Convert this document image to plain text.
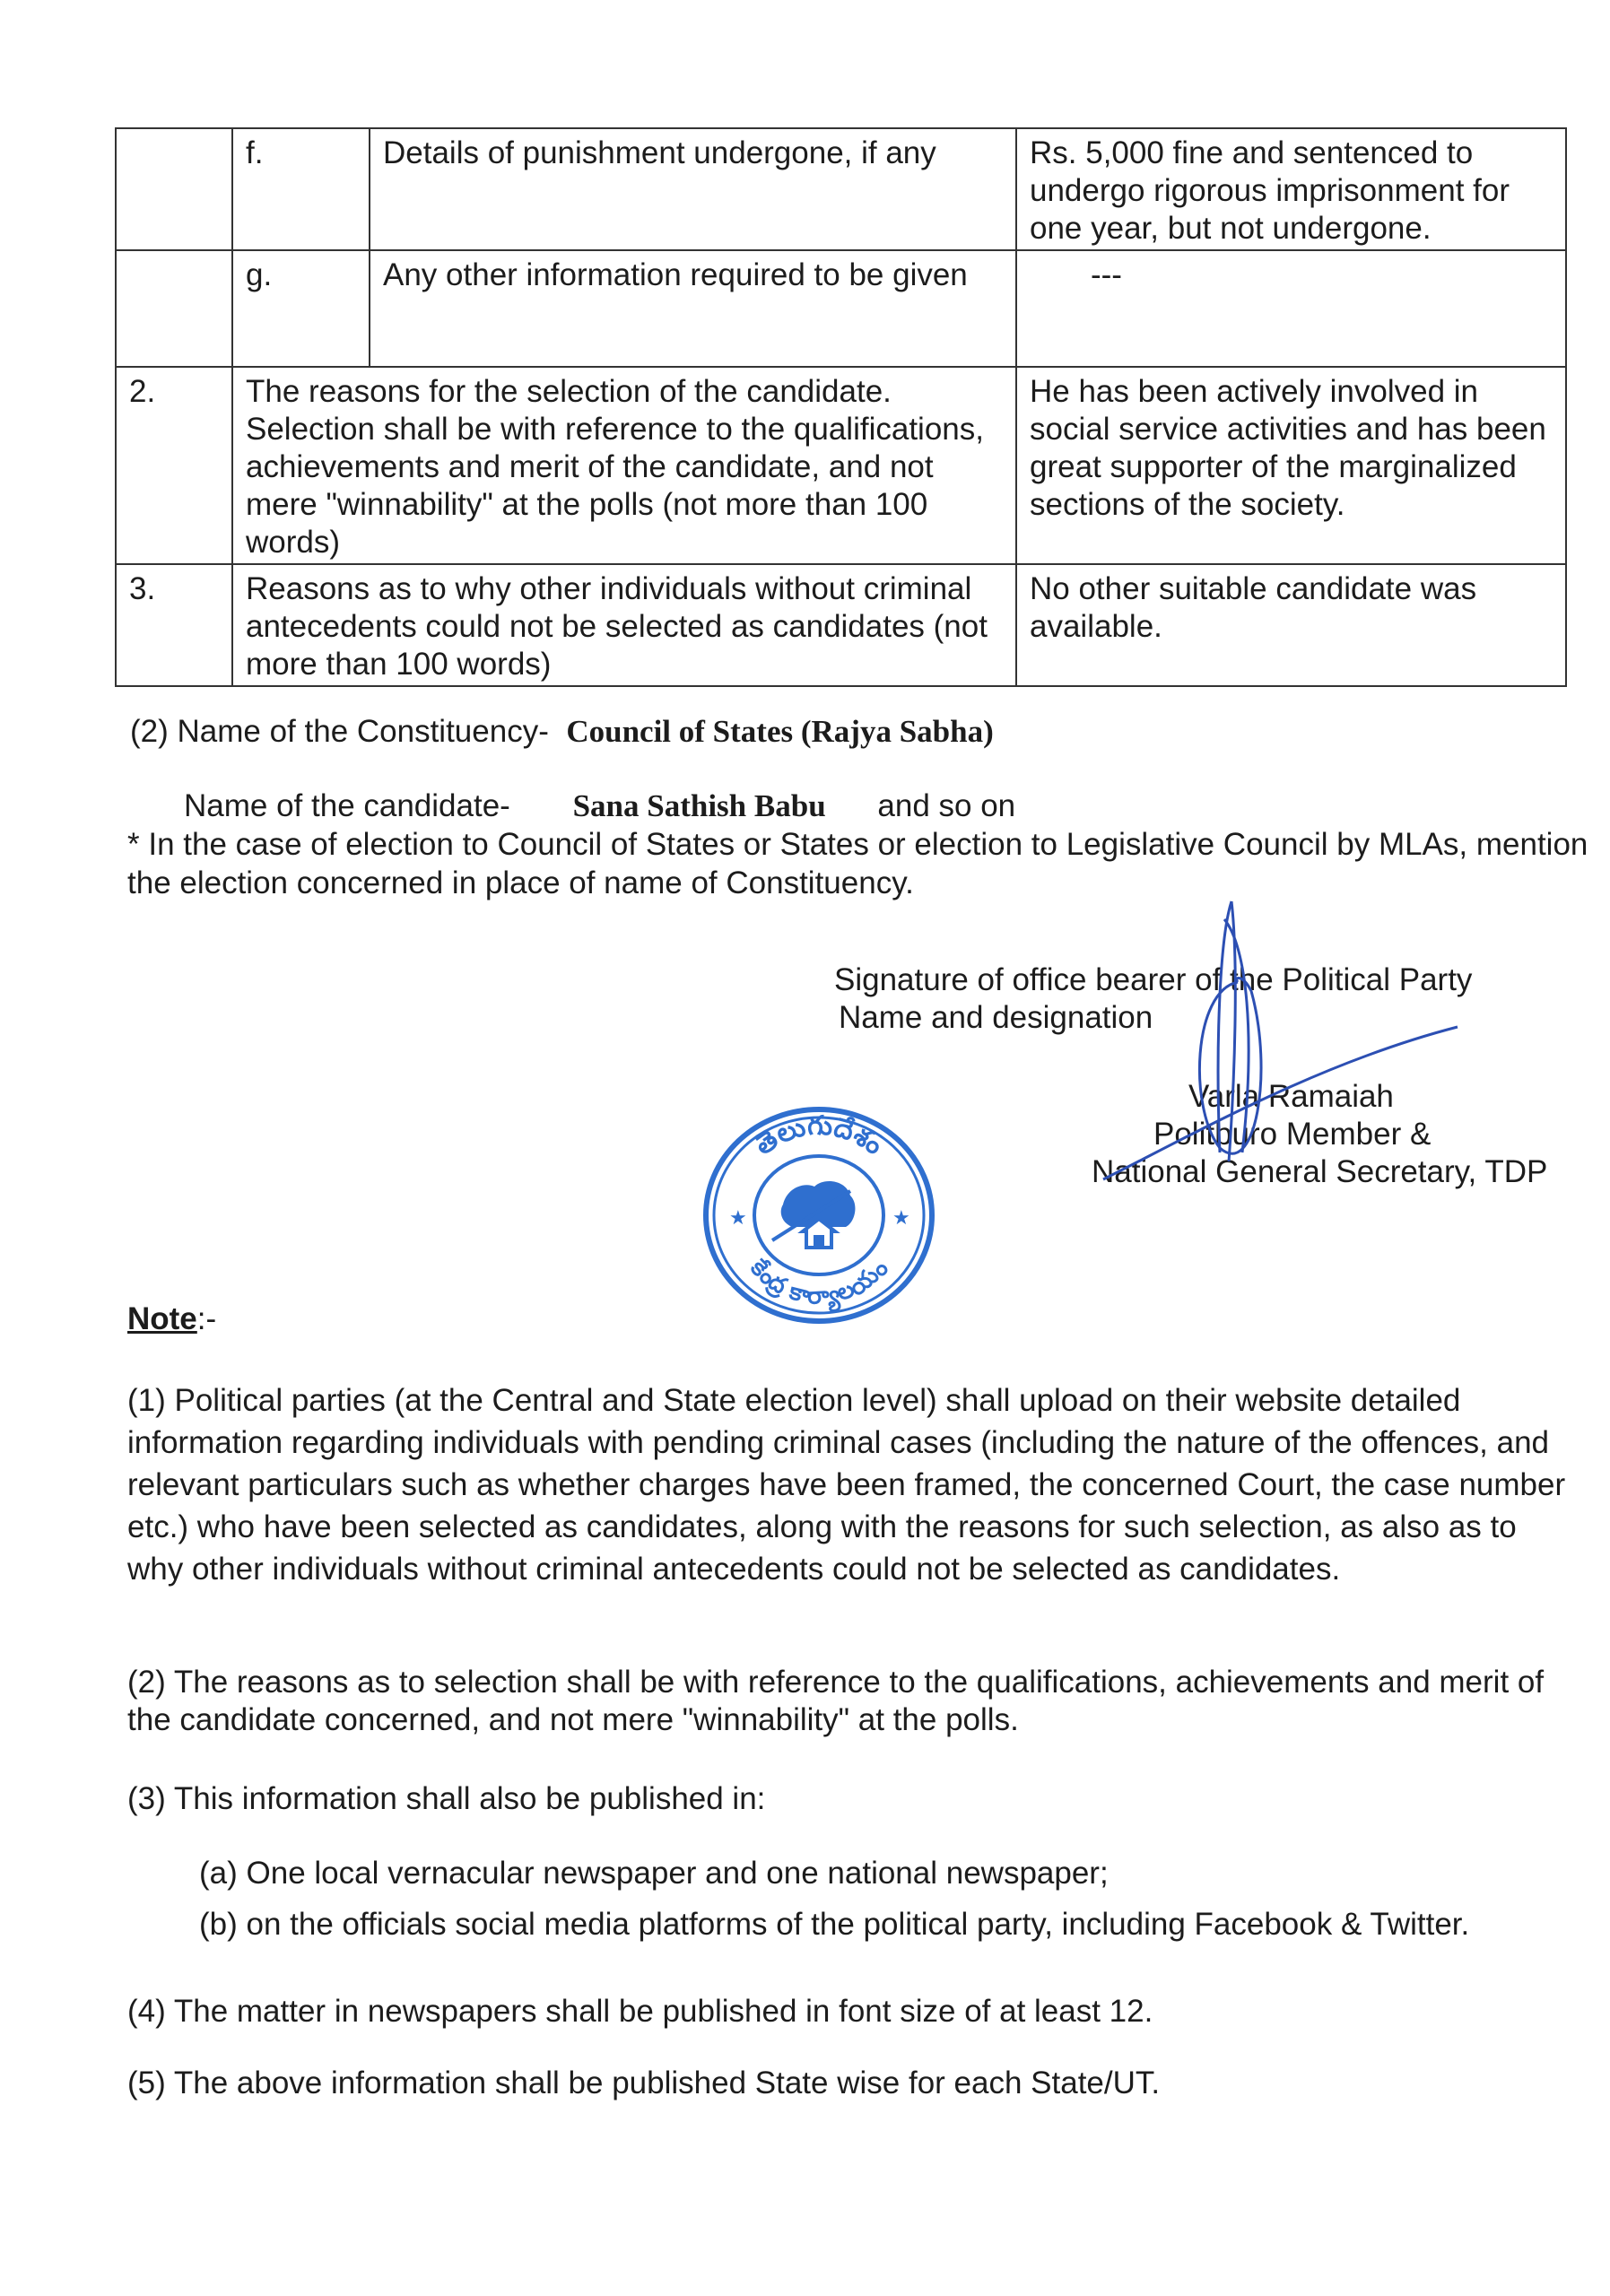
	f.	Details of punishment undergone, if any	Rs. 5,000 fine and sentenced to undergo rigorous imprisonment for one year, but not undergone.
	g.	Any other information required to be given	---
2.	The reasons for the selection of the candidate. Selection shall be with reference to the qualifications, achievements and merit of the candidate, and not mere "winnability" at the polls (not more than 100 words)		He has been actively involved in social service activities and has been great supporter of the marginalized sections of the society.
3.	Reasons as to why other individuals without criminal antecedents could not be selected as candidates (not more than 100 words)		No other suitable candidate was available.
(2) Name of the Constituency- Council of States (Rajya Sabha)
Name of the candidate- Sana Sathish Babu and so on
* In the case of election to Council of States or States or election to Legislative Council by MLAs, mention the election concerned in place of name of Constituency.
Signature of office bearer of the Political Party
Name and designation
Varla Ramaiah
Politburo Member &
National General Secretary, TDP
తెలుగుదేశం
కేంద్ర కార్యాలయం
★	★
Note:-
(1) Political parties (at the Central and State election level) shall upload on their website detailed information regarding individuals with pending criminal cases (including the nature of the offences, and relevant particulars such as whether charges have been framed, the concerned Court, the case number etc.) who have been selected as candidates, along with the reasons for such selection, as also as to why other individuals without criminal antecedents could not be selected as candidates.
(2) The reasons as to selection shall be with reference to the qualifications, achievements and merit of the candidate concerned, and not mere "winnability" at the polls.
(3) This information shall also be published in:
(a) One local vernacular newspaper and one national newspaper;
(b) on the officials social media platforms of the political party, including Facebook & Twitter.
(4) The matter in newspapers shall be published in font size of at least 12.
(5) The above information shall be published State wise for each State/UT.
